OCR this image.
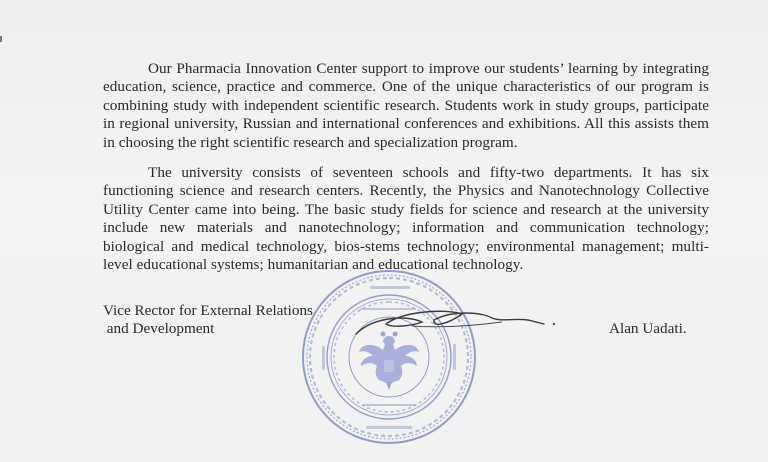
Our Pharmacia Innovation Center support to improve our students’ learning by integrating education, science, practice and commerce. One of the unique characteristics of our program is combining study with independent scientific research. Students work in study groups, participate in regional university, Russian and international conferences and exhibitions. All this assists them in choosing the right scientific research and specialization program.

The university consists of seventeen schools and fifty-two departments. It has six functioning science and research centers. Recently, the Physics and Nanotechnology Collective Utility Center came into being. The basic study fields for science and research at the university include new materials and nanotechnology; information and communication technology; biological and medical technology, bios-stems technology; environmental management; multi-level educational systems; humanitarian and educational technology.

Vice Rector for External Relations
and Development	Alan Uadati.
